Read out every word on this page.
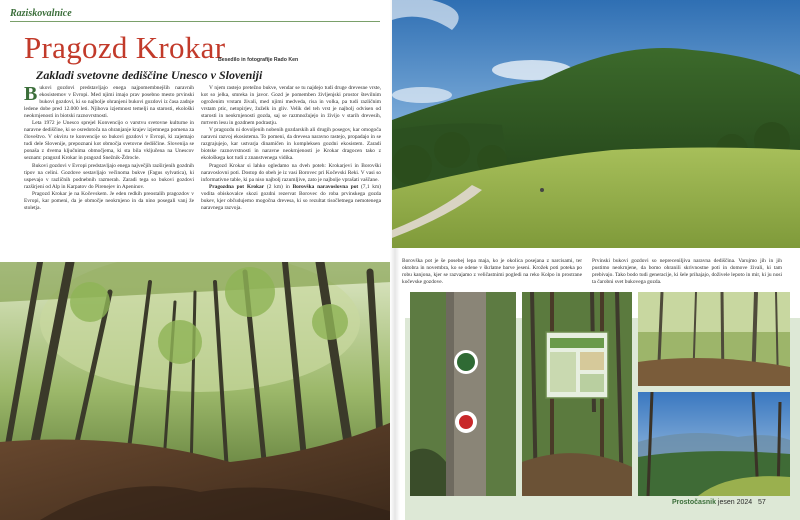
Raziskovalnice
Pragozd Krokar
Besedilo in fotografije Rado Ken
Zakladi svetovne dediščine Unesco v Sloveniji

Bukovi gozdovi predstavljajo enega najpomembnejših naravnih ekosistemov v Evropi. Med njimi imajo prav posebno mesto prvinski bukovi gozdovi, ki so najbolje ohranjeni bukovi gozdovi iz časa zadnje ledene dobe pred 12.000 leti. Njihova izjemnost temelji na starosti, ekološki neokrnjenosti in biotski raznovrstnosti.

Leta 1972 je Unesco sprejel Konvencijo o varstvu svetovne kulturne in naravne dediščine, ki se osredotoča na ohranjanje krajev izjemnega pomena za človeštvo. V okviru te konvencije so bukovi gozdovi v Evropi, ki zajemajo tudi dele Slovenije, prepoznani kot območja svetovne dediščine. Slovenija se ponaša z dvema ključnima območjema, ki sta bila vključena na Unescov seznam: pragozd Krokar in pragozd Snežnik-Ždrocle.

Bukovi gozdovi v Evropi predstavljajo enega največjih razširjenih gozdnih tipov na celini. Gozdove sestavljajo večinoma bukve (Fagus sylvatica), ki uspevajo v različnih podnebnih razmerah. Zaradi tega so bukovi gozdovi razširjeni od Alp in Karpatov do Pirenejev in Apeninov.

Pragozd Krokar je na Kočevskem. Je eden redkih preostalih pragozdov v Evropi, kar pomeni, da je območje neokrnjeno in da nino posegali vanj že stoletja.

V njem rastejo pretežno bukve, vendar se tu najdejo tudi druge drevesne vrste, kot so jelka, smreka in javor. Gozd je pomemben življenjski prostor številnim ogroženim vrstam živali, med njimi medveda, risa in volka, pa tudi različnim vrstam ptic, netopirjev, žuželk in gliv. Velik del teh vrst je najbolj odvisen od starosti in neokrnjenosti gozda, saj se razmnožujejo in živijo v starih drevesih, mrtvem lesu in gozdnem podrastju.

V pragozdu ni dovoljenih nobenih gozdarskih ali drugih posegov, kar omogoča naravni razvoj ekosistema. To pomeni, da drevesa naravno rastejo, propadajo in se razgrajujejo, kar ustvarja dinamičen in kompleksen gozdni ekosistem. Zaradi biotske raznovrstnosti in naravne neokrnjenosti je Krokar dragocen tako z ekološkega kot tudi z znanstvenega vidika.

Pragozd Krokar si lahko ogledamo na dveh poteh: Krokarjevi in Borovški naravoslovni poti. Dostop do obeh je iz vasi Borovec pri Kočevski Reki. V vasi so informativne table, ki pa niso najbolj razumljive, zato je najbolje vprašati vaščane.

Pragozdna pot Krokar (2 km) in Borovška naravoslovna pot (7,1 km) vodita obiskovalce skozi gozdni rezervat Borovec do roba prvinskega gozda bukev, kjer občudujemo mogočna drevesa, ki so rezultat tisočletnega nemotenega naravnega razvoja.

Borovška pot je še posebej lepa maja, ko je okolica posejana z narcisami, ter oktobra in novembra, ko se odene v škrlatne barve jeseni. Krožek poti poteka po robu kanjona, kjer se razvajamo z veličastnimi pogledi na reko Kolpo in prostrane kočevske gozdove.
Prvinski bukovi gozdovi so nepreceniljiva naravna dediščina. Varujmo jih in jih pustimo neokrnjene, da bomo ohranili skrivnostne poti in domove živali, ki tam prebivajo. Tako bodo tudi generacije, ki šele prihajajo, doživele lepoto in mir, ki ju nosi ta čarobni svet bukovega gozda.
Prostočasnik jesen 2024 57
